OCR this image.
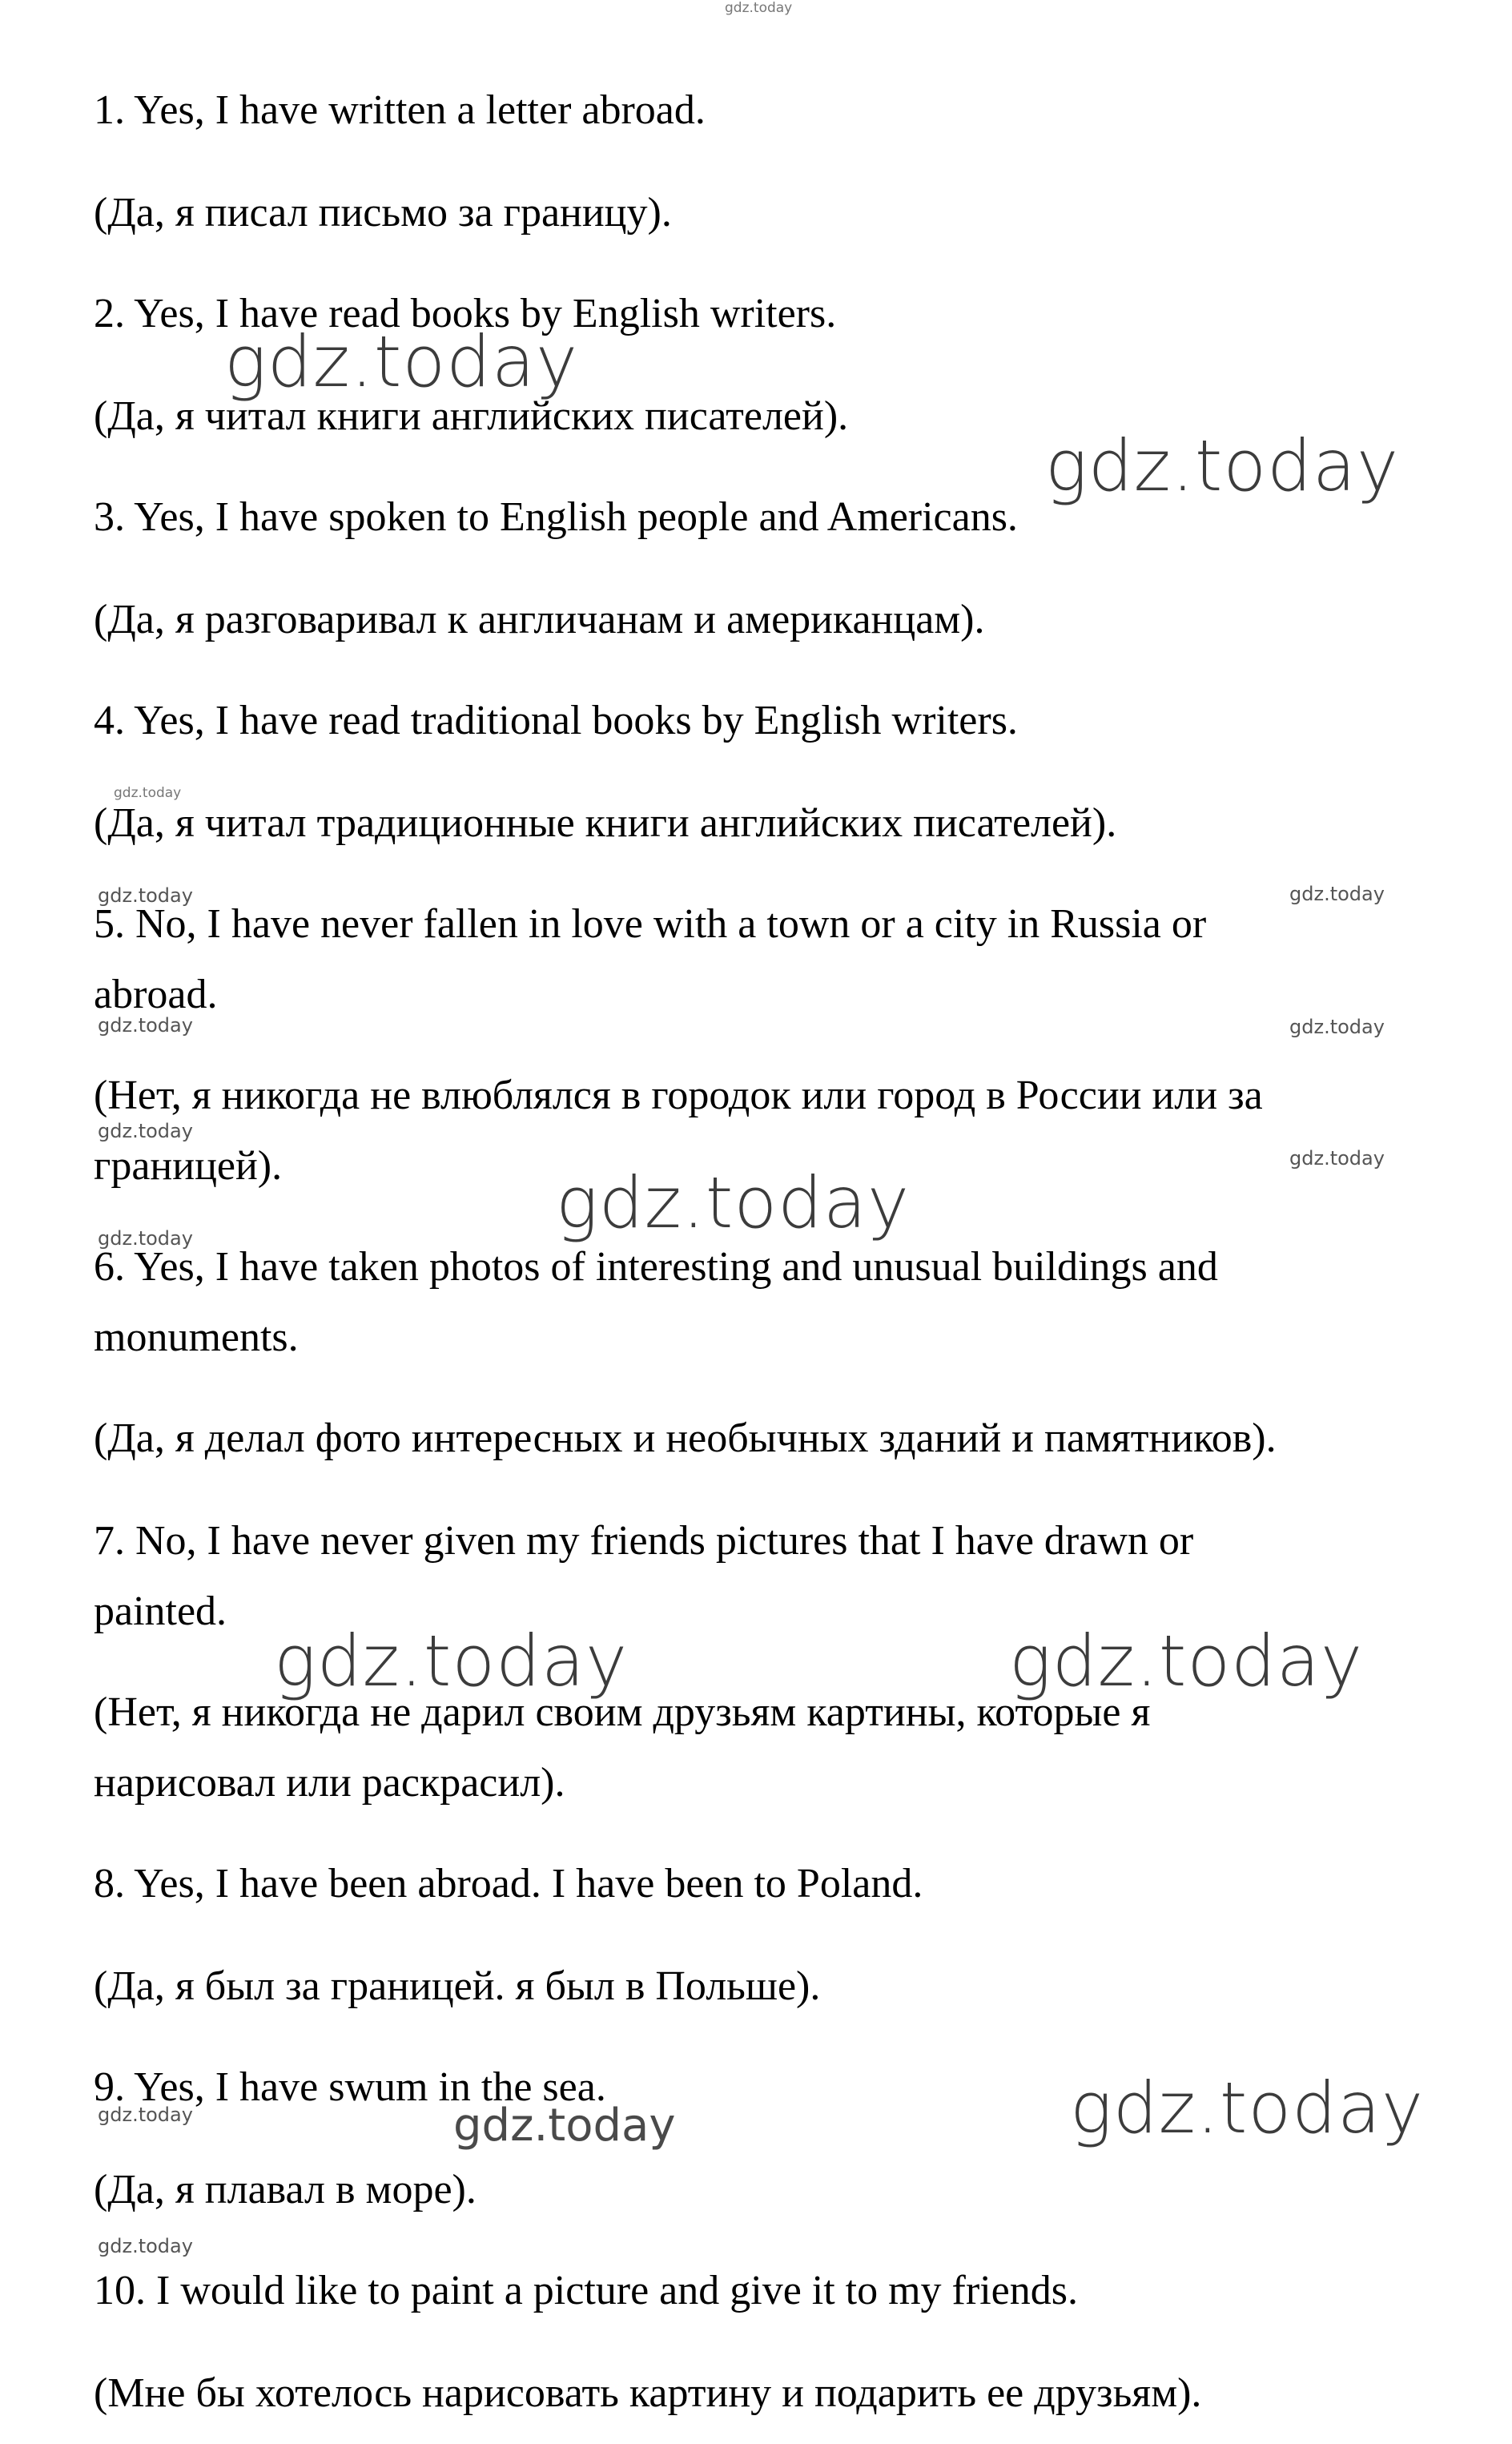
gdz.today
gdz.today
gdz.today
gdz.today
gdz.today	gdz.today
gdz.today	gdz.today
gdz.today
gdz.today
gdz.today
gdz.today
gdz.today	gdz.today
gdz.today	gdz.today	gdz.today
gdz.today

1. Yes, I have written a letter abroad.

(Да, я писал письмо за границу).

2. Yes, I have read books by English writers.

(Да, я читал книги английских писателей).

3. Yes, I have spoken to English people and Americans.

(Да, я разговаривал к англичанам и американцам).

4. Yes, I have read traditional books by English writers.

(Да, я читал традиционные книги английских писателей).

5. No, I have never fallen in love with a town or a city in Russia or

abroad.

(Нет, я никогда не влюблялся в городок или город в России или за

границей).

6. Yes, I have taken photos of interesting and unusual buildings and

monuments.

(Да, я делал фото интересных и необычных зданий и памятников).

7. No, I have never given my friends pictures that I have drawn or

painted.

(Нет, я никогда не дарил своим друзьям картины, которые я

нарисовал или раскрасил).

8. Yes, I have been abroad. I have been to Poland.

(Да, я был за границей. я был в Польше).

9. Yes, I have swum in the sea.

(Да, я плавал в море).

10. I would like to paint a picture and give it to my friends.

(Мне бы хотелось нарисовать картину и подарить ее друзьям).
